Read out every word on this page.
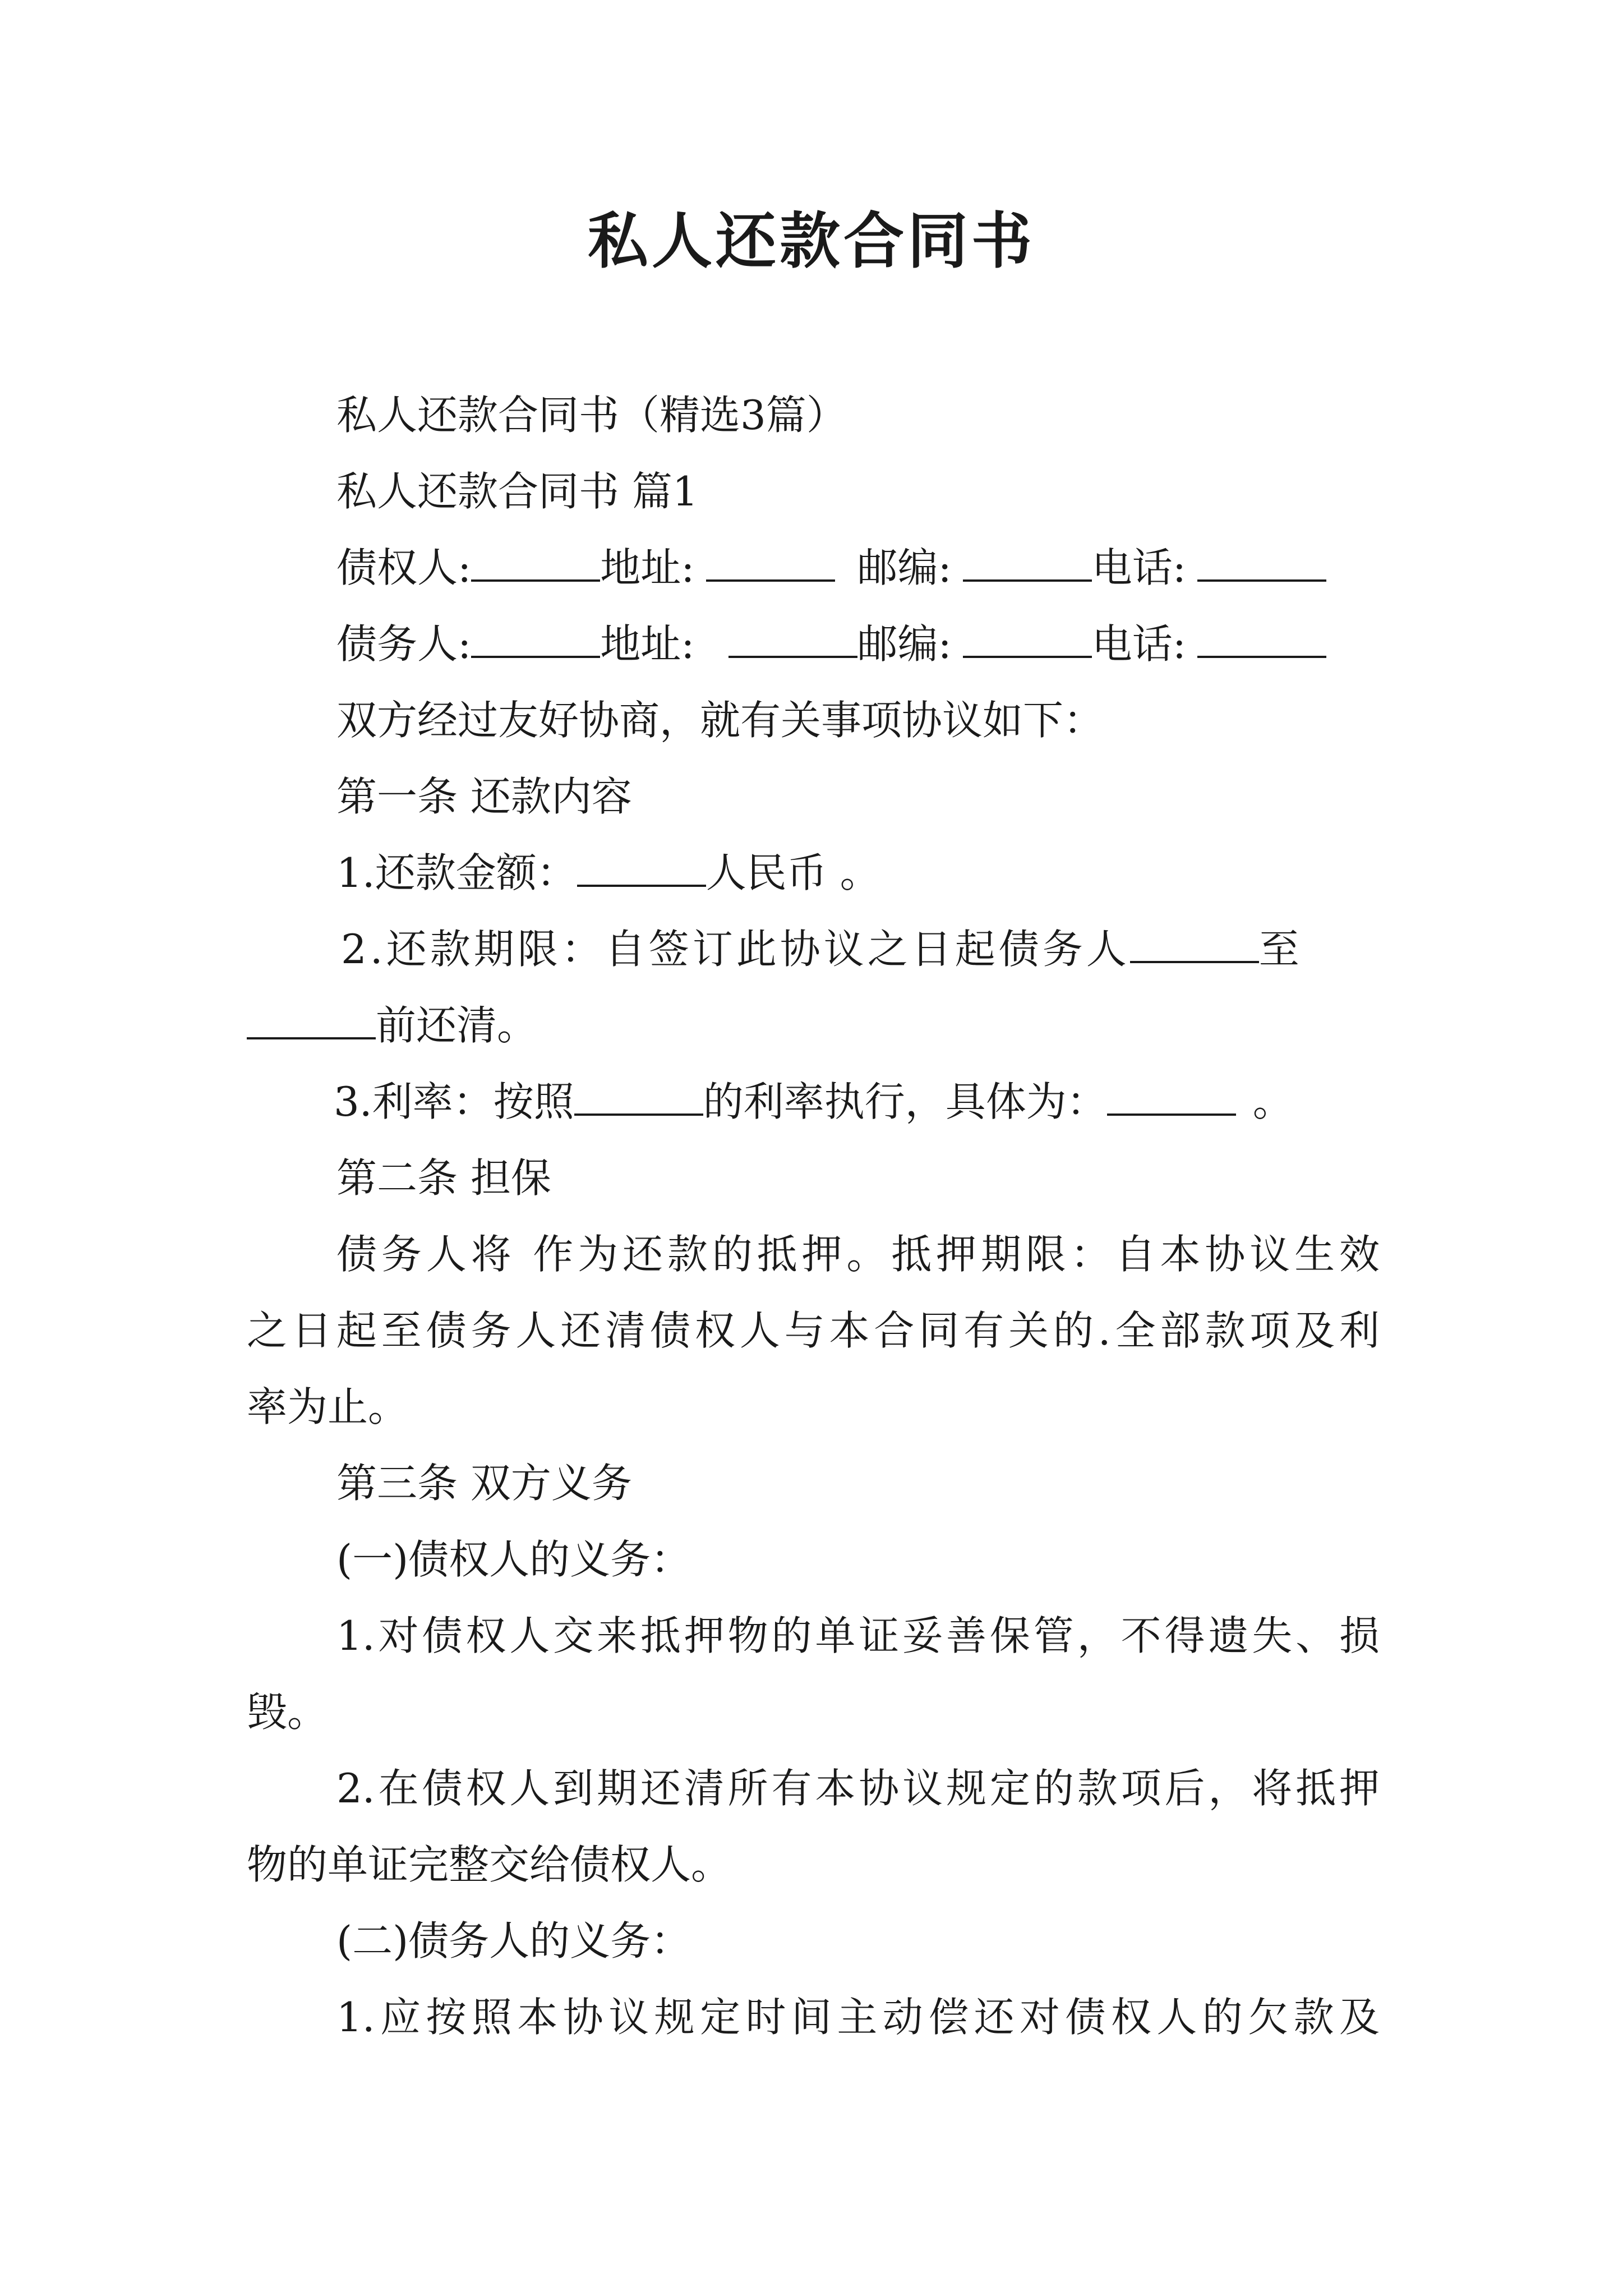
私人还款合同书
私人还款合同书（精选3篇）
私人还款合同书 篇1
债权人:	地址:	邮编:	电话:
债务人:	地址:	邮编:	电话:
双方经过友好协商，就有关事项协议如下：
第一条 还款内容
1.还款金额：	人民币 。
2.还款期限：自签订此协议之日起债务人	至
前还清。
3.利率：按照	的利率执行，具体为：	。
第二条 担保
债务人将 作为还款的抵押。抵押期限：自本协议生效
之日起至债务人还清债权人与本合同有关的.全部款项及利
率为止。
第三条 双方义务
(一)债权人的义务：
1.对债权人交来抵押物的单证妥善保管，不得遗失、损
毁。
2.在债权人到期还清所有本协议规定的款项后，将抵押
物的单证完整交给债权人。
(二)债务人的义务：
1.应按照本协议规定时间主动偿还对债权人的欠款及
